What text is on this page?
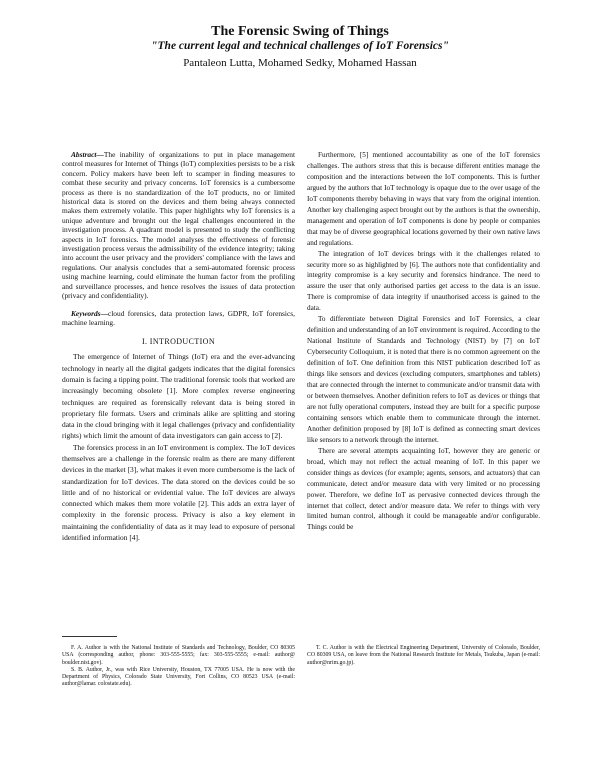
The Forensic Swing of Things
"The current legal and technical challenges of IoT Forensics"
Pantaleon Lutta, Mohamed Sedky, Mohamed Hassan

Abstract—The inability of organizations to put in place management control measures for Internet of Things (IoT) complexities persists to be a risk concern. Policy makers have been left to scamper in finding measures to combat these security and privacy concerns. IoT forensics is a cumbersome process as there is no standardization of the IoT products, no or limited historical data is stored on the devices and them being always connected makes them extremely volatile. This paper highlights why IoT forensics is a unique adventure and brought out the legal challenges encountered in the investigation process. A quadrant model is presented to study the conflicting aspects in IoT forensics. The model analyses the effectiveness of forensic investigation process versus the admissibility of the evidence integrity; taking into account the user privacy and the providers' compliance with the laws and regulations. Our analysis concludes that a semi-automated forensic process using machine learning, could eliminate the human factor from the profiling and surveillance processes, and hence resolves the issues of data protection (privacy and confidentiality).

Keywords—cloud forensics, data protection laws, GDPR, IoT forensics, machine learning.

I. INTRODUCTION

The emergence of Internet of Things (IoT) era and the ever-advancing technology in nearly all the digital gadgets indicates that the digital forensics domain is facing a tipping point. The traditional forensic tools that worked are increasingly becoming obsolete [1]. More complex reverse engineering techniques are required as forensically relevant data is being stored in proprietary file formats. Users and criminals alike are splitting and storing data in the cloud bringing with it legal challenges (privacy and confidentiality rights) which limit the amount of data investigators can gain access to [2].

The forensics process in an IoT environment is complex. The IoT devices themselves are a challenge in the forensic realm as there are many different devices in the market [3], what makes it even more cumbersome is the lack of standardization for IoT devices. The data stored on the devices could be so little and of no historical or evidential value. The IoT devices are always connected which makes them more volatile [2]. This adds an extra layer of complexity in the forensic process. Privacy is also a key element in maintaining the confidentiality of data as it may lead to exposure of personal identified information [4].

Furthermore, [5] mentioned accountability as one of the IoT forensics challenges. The authors stress that this is because different entities manage the composition and the interactions between the IoT components. This is further argued by the authors that IoT technology is opaque due to the over usage of the IoT components thereby behaving in ways that vary from the original intention. Another key challenging aspect brought out by the authors is that the ownership, management and operation of IoT components is done by people or companies that may be of diverse geographical locations governed by their own native laws and regulations.

The integration of IoT devices brings with it the challenges related to security more so as highlighted by [6]. The authors note that confidentiality and integrity compromise is a key security and forensics hindrance. The need to assure the user that only authorised parties get access to the data is an issue. There is compromise of data integrity if unauthorised access is gained to the data.

To differentiate between Digital Forensics and IoT Forensics, a clear definition and understanding of an IoT environment is required. According to the National Institute of Standards and Technology (NIST) by [7] on IoT Cybersecurity Colloquium, it is noted that there is no common agreement on the definition of IoT. One definition from this NIST publication described IoT as things like sensors and devices (excluding computers, smartphones and tablets) that are connected through the internet to communicate and/or transmit data with or between themselves. Another definition refers to IoT as devices or things that are not fully operational computers, instead they are built for a specific purpose containing sensors which enable them to communicate through the internet. Another definition proposed by [8] IoT is defined as connecting smart devices like sensors to a network through the internet.

There are several attempts acquainting IoT, however they are generic or broad, which may not reflect the actual meaning of IoT. In this paper we consider things as devices (for example; agents, sensors, and actuators) that can communicate, detect and/or measure data with very limited or no processing power. Therefore, we define IoT as pervasive connected devices through the internet that collect, detect and/or measure data. We refer to things with very limited human control, although it could be manageable and/or configurable. Things could be

F. A. Author is with the National Institute of Standards and Technology, Boulder, CO 80305 USA (corresponding author, phone: 303-555-5555; fax: 303-555-5555; e-mail: author@ boulder.nist.gov).

S. B. Author, Jr., was with Rice University, Houston, TX 77005 USA. He is now with the Department of Physics, Colorado State University, Fort Collins, CO 80523 USA (e-mail: author@lamar. colostate.edu).

T. C. Author is with the Electrical Engineering Department, University of Colorado, Boulder, CO 80309 USA, on leave from the National Research Institute for Metals, Tsukuba, Japan (e-mail: author@nrim.go.jp).
